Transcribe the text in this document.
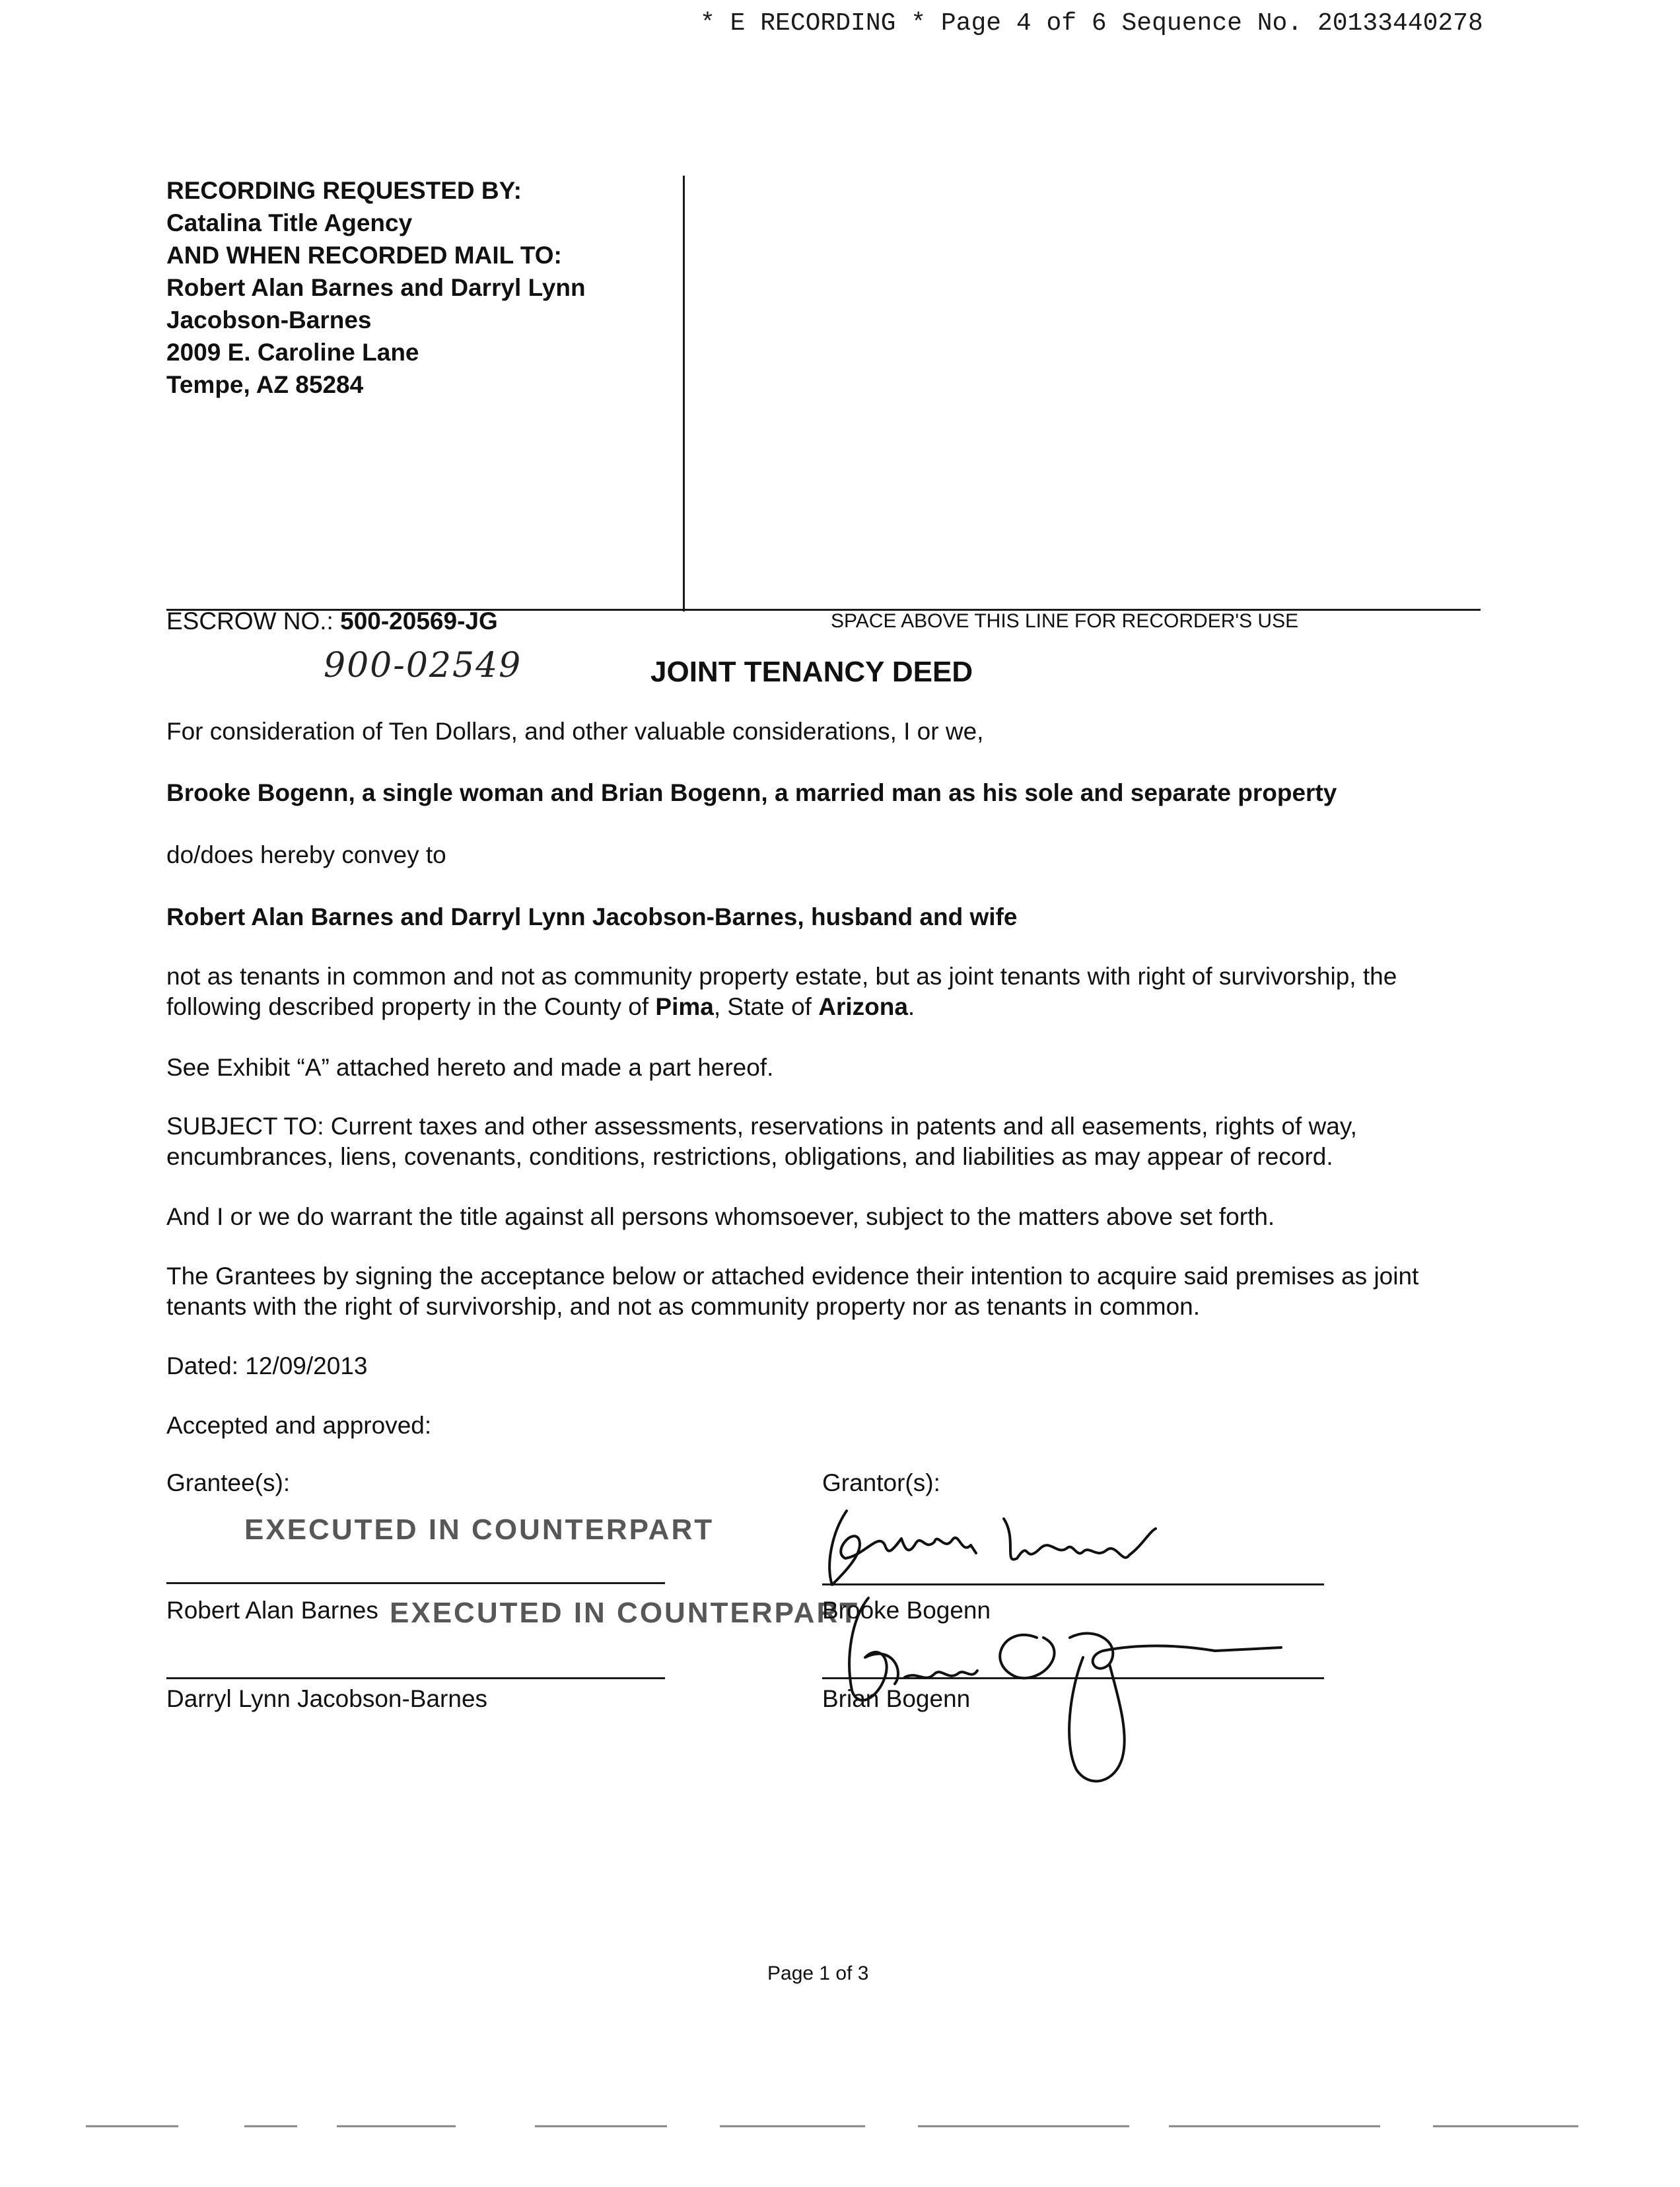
* E RECORDING * Page 4 of 6 Sequence No. 20133440278
RECORDING REQUESTED BY:
Catalina Title Agency
AND WHEN RECORDED MAIL TO:
Robert Alan Barnes and Darryl Lynn
Jacobson-Barnes
2009 E. Caroline Lane
Tempe, AZ 85284
ESCROW NO.: 500-20569-JG	SPACE ABOVE THIS LINE FOR RECORDER'S USE
900-02549	JOINT TENANCY DEED
For consideration of Ten Dollars, and other valuable considerations, I or we,
Brooke Bogenn, a single woman and Brian Bogenn, a married man as his sole and separate property
do/does hereby convey to
Robert Alan Barnes and Darryl Lynn Jacobson-Barnes, husband and wife
not as tenants in common and not as community property estate, but as joint tenants with right of survivorship, the following described property in the County of Pima, State of Arizona.
See Exhibit “A” attached hereto and made a part hereof.
SUBJECT TO: Current taxes and other assessments, reservations in patents and all easements, rights of way, encumbrances, liens, covenants, conditions, restrictions, obligations, and liabilities as may appear of record.
And I or we do warrant the title against all persons whomsoever, subject to the matters above set forth.
The Grantees by signing the acceptance below or attached evidence their intention to acquire said premises as joint tenants with the right of survivorship, and not as community property nor as tenants in common.
Dated: 12/09/2013
Accepted and approved:
Grantee(s):	Grantor(s):
EXECUTED IN COUNTERPART
EXECUTED IN COUNTERPART
Robert Alan Barnes
Darryl Lynn Jacobson-Barnes
Brooke Bogenn
Brian Bogenn
Page 1 of 3
